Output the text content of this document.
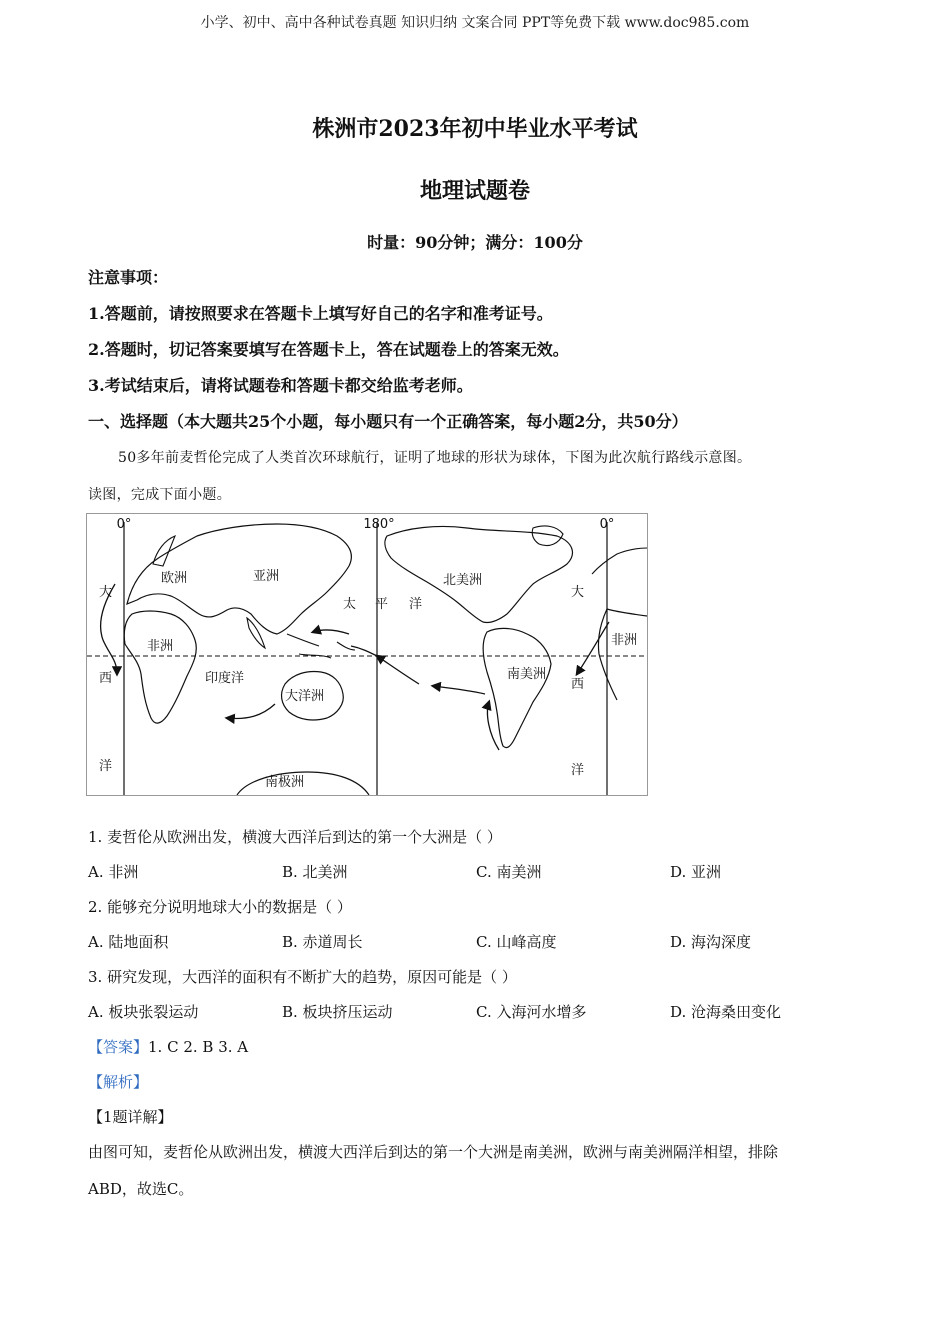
小学、初中、高中各种试卷真题 知识归纳 文案合同 PPT等免费下载 www.doc985.com
株洲市2023年初中毕业水平考试
地理试题卷
时量：90分钟；满分：100分
注意事项：
1.答题前，请按照要求在答题卡上填写好自己的名字和准考证号。
2.答题时，切记答案要填写在答题卡上，答在试题卷上的答案无效。
3.考试结束后，请将试题卷和答题卡都交给监考老师。
一、选择题（本大题共25个小题，每小题只有一个正确答案，每小题2分，共50分）
50多年前麦哲伦完成了人类首次环球航行，证明了地球的形状为球体，下图为此次航行路线示意图。
读图，完成下面小题。
0°	180°	0°
欧洲	亚洲
非洲
印度洋
大洋洲
南极洲
北美洲
南美洲
太 平 洋
大
西
洋
大
西
洋
非洲
1. 麦哲伦从欧洲出发，横渡大西洋后到达的第一个大洲是（ ）
A. 非洲	B. 北美洲	C. 南美洲	D. 亚洲
2. 能够充分说明地球大小的数据是（ ）
A. 陆地面积	B. 赤道周长	C. 山峰高度	D. 海沟深度
3. 研究发现，大西洋的面积有不断扩大的趋势，原因可能是（ ）
A. 板块张裂运动	B. 板块挤压运动	C. 入海河水增多	D. 沧海桑田变化
【答案】1. C 2. B 3. A
【解析】
【1题详解】
由图可知，麦哲伦从欧洲出发，横渡大西洋后到达的第一个大洲是南美洲，欧洲与南美洲隔洋相望，排除
ABD，故选C。
